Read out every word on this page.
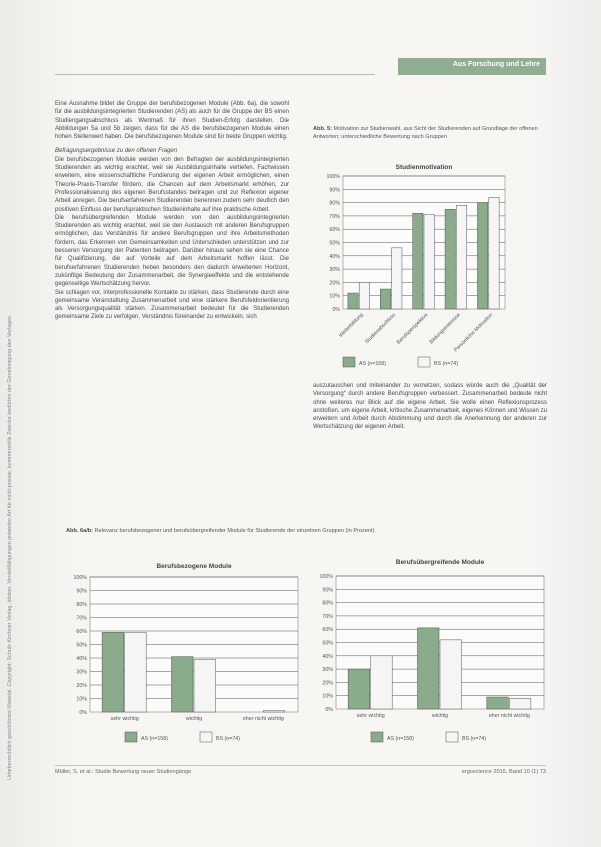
Urheberrechtlich geschütztes Material. Copyright: Schulz-Kirchner Verlag, Idstein. Vervielfältigungen jedweder Art für nicht-private, kommerzielle Zwecke bedürfen der Genehmigung des Verlages.
Aus Forschung und Lehre

Eine Ausnahme bildet die Gruppe der berufsbezogenen Module (Abb. 6a), die sowohl für die ausbildungsintegrierten Studierenden (AS) als auch für die Gruppe der BS einen Studiengangsabschluss als Wertmaß für ihren Studien-Erfolg darstellen. Die Abbildungen 5a und 5b zeigen, dass für die AS die berufsbezogenen Module einen hohen Stellenwert haben. Die berufsbezogenen Module sind für beide Gruppen wichtig.

Befragungsergebnisse zu den offenen Fragen

Die berufsbezogenen Module werden von den Befragten der ausbildungsintegrierten Studierenden als wichtig erachtet, weil sie Ausbildungsinhalte vertiefen. Fachwissen erweitern, eine wissenschaftliche Fundierung der eigenen Arbeit ermöglichen, einen Theorie-Praxis-Transfer fördern, die Chancen auf dem Arbeitsmarkt erhöhen, zur Professionalisierung des eigenen Berufsstandes beitragen und zur Reflexion eigener Arbeit anregen. Die berufserfahrenen Studierenden benennen zudem sehr deutlich den positiven Einfluss der berufspraktischen Studieninhalte auf ihre praktische Arbeit.

Die berufsübergreifenden Module werden von den ausbildungsintegrierten Studierenden als wichtig erachtet, weil sie den Austausch mit anderen Berufsgruppen ermöglichen, das Verständnis für andere Berufsgruppen und ihre Arbeitsmethoden fördern, das Erkennen von Gemeinsamkeiten und Unterschieden unterstützen und zur besseren Versorgung der Patienten beitragen. Darüber hinaus sehen sie eine Chance für Qualifizierung, die auf Vorteile auf dem Arbeitsmarkt hoffen lässt. Die berufserfahrenen Studierenden heben besonders den dadurch erweiterten Horizont, zukünftige Bedeutung der Zusammenarbeit, die Synergieeffekte und die entstehende gegenseitige Wertschätzung hervor.

Sie schlagen vor, interprofessionelle Kontakte zu stärken, dass Studierende durch eine gemeinsame Veranstaltung Zusammenarbeit und eine stärkere Berufsfeldorientierung als Versorgungsqualität stärken. Zusammenarbeit bedeutet für die Studierenden gemeinsame Ziele zu verfolgen, Verständnis füreinander zu entwickeln, sich

Abb. 5: Motivation zur Studienwahl, aus Sicht der Studierenden auf Grundlage der offenen Antworten; unterschiedliche Bewertung nach Gruppen
Studienmotivation
0%
10%
20%
30%
40%
50%
60%
70%
80%
90%
100%
Weiterbildung Studienabschluss
Berufsperspektive Bildungsinteresse
Persönliche Motivation
AS (n=158)	BS (n=74)
auszutauschen und miteinander zu vernetzen, sodass würde auch die „Qualität der Versorgung“ durch andere Berufsgruppen verbessert. Zusammenarbeit bedeute nicht ohne weiteres nur Blick auf die eigene Arbeit. Sie wolle einen Reflexionsprozess anstoßen, um eigene Arbeit, kritische Zusammenarbeit, eigenes Können und Wissen zu erweitern und Arbeit durch Abstimmung und durch die Anerkennung der anderen zur Wertschätzung der eigenen Arbeit.
Abb. 6a/b: Relevanz berufsbezogener und berufsübergreifender Module für Studierende der einzelnen Gruppen (in Prozent)
Berufsbezogene Module
0%
10%
20%
30%
40%
50%
60%
70%
80%
90%
100%
sehr wichtig	wichtig	eher nicht wichtig
AS (n=158)	BS (n=74)
Berufsübergreifende Module
0%
10%
20%
30%
40%
50%
60%
70%
80%
90%
100%
sehr wichtig	wichtig	eher nicht wichtig
AS (n=158)	BS (n=74)
Müller, S. et al.: Studie Bewertung neuer Studiengänge	ergoscience 2015, Band 10 (1) 73
